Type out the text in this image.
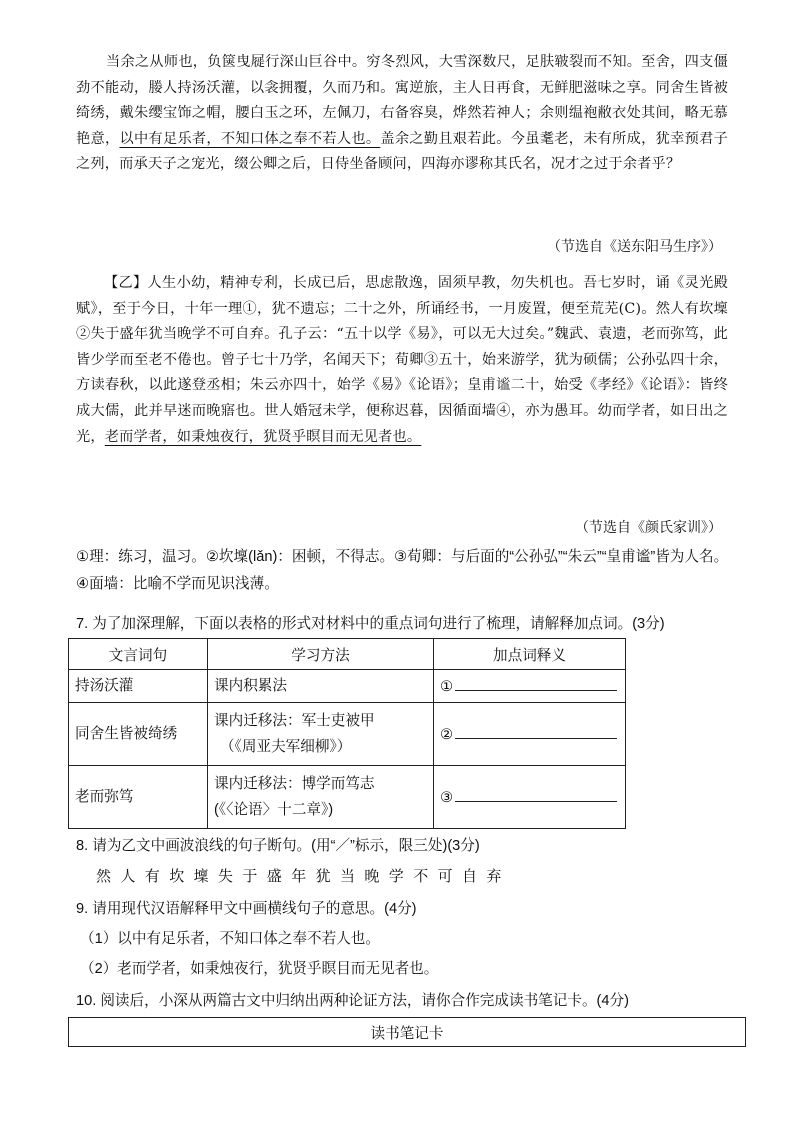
当余之从师也，负箧曳屣行深山巨谷中。穷冬烈风，大雪深数尺，足肤皲裂而不知。至舍，四支僵劲不能动，媵人持汤沃灌，以衾拥覆，久而乃和。寓逆旅，主人日再食，无鲜肥滋味之享。同舍生皆被绮绣，戴朱缨宝饰之帽，腰白玉之环，左佩刀，右备容臭，烨然若神人；余则缊袍敝衣处其间，略无慕艳意，以中有足乐者，不知口体之奉不若人也。盖余之勤且艰若此。今虽耄老，未有所成，犹幸预君子之列，而承天子之宠光，缀公卿之后，日侍坐备顾问，四海亦谬称其氏名，况才之过于余者乎？

（节选自《送东阳马生序》）

【乙】人生小幼，精神专利，长成已后，思虑散逸，固须早教，勿失机也。吾七岁时，诵《灵光殿赋》，至于今日，十年一理①，犹不遗忘；二十之外，所诵经书，一月废置，便至荒芜(C)。然人有坎壈②失于盛年犹当晚学不可自弃。孔子云：“五十以学《易》，可以无大过矣。”魏武、袁遗，老而弥笃，此皆少学而至老不倦也。曾子七十乃学，名闻天下；荀卿③五十，始来游学，犹为硕儒；公孙弘四十余，方读春秋，以此遂登丞相；朱云亦四十，始学《易》《论语》；皇甫谧二十，始受《孝经》《论语》：皆终成大儒，此并早迷而晚寤也。世人婚冠未学，便称迟暮，因循面墙④，亦为愚耳。幼而学者，如日出之光，老而学者，如秉烛夜行，犹贤乎瞑目而无见者也。

（节选自《颜氏家训》）

①理：练习，温习。②坎壈(lǎn)：困顿，不得志。③荀卿：与后面的“公孙弘”“朱云”“皇甫谧”皆为人名。④面墙：比喻不学而见识浅薄。

7. 为了加深理解，下面以表格的形式对材料中的重点词句进行了梳理，请解释加点词。(3分)

文言词句	学习方法	加点词释义
持汤沃灌	课内积累法	①
同舍生皆被绮绣	课内迁移法：军士吏被甲
（《周亚夫军细柳》）	②
老而弥笃	课内迁移法：博学而笃志
(《〈论语〉十二章》)	③

8. 请为乙文中画波浪线的句子断句。(用“／”标示，限三处)(3分)

然人有坎壈失于盛年犹当晚学不可自弃

9. 请用现代汉语解释甲文中画横线句子的意思。(4分)

（1）以中有足乐者，不知口体之奉不若人也。

（2）老而学者，如秉烛夜行，犹贤乎瞑目而无见者也。

10. 阅读后，小深从两篇古文中归纳出两种论证方法，请你合作完成读书笔记卡。(4分)

读书笔记卡
